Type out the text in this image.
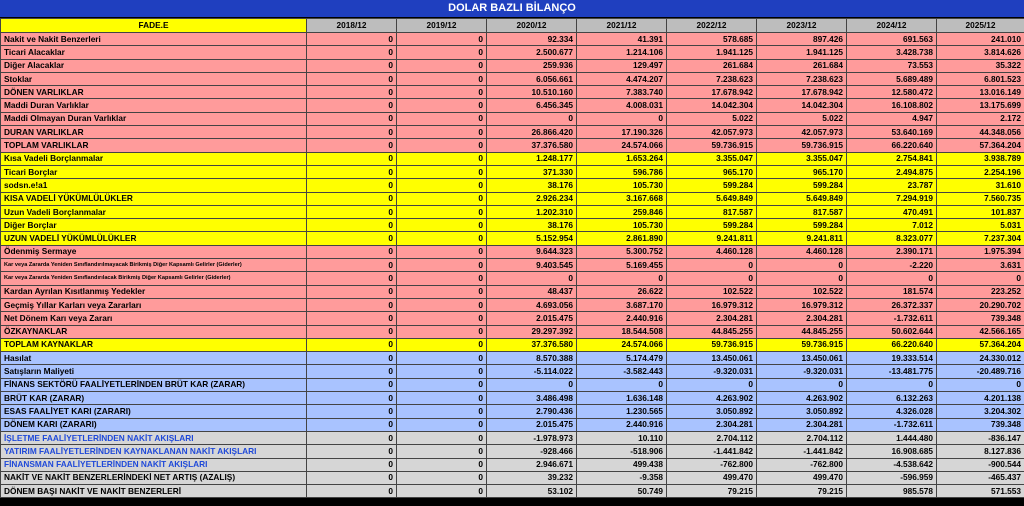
DOLAR BAZLI BİLANÇO
FADE.E	2018/12	2019/12	2020/12	2021/12	2022/12	2023/12	2024/12	2025/12
Nakit ve Nakit Benzerleri	0	0	92.334	41.391	578.685	897.426	691.563	241.010
Ticari Alacaklar	0	0	2.500.677	1.214.106	1.941.125	1.941.125	3.428.738	3.814.626
Diğer Alacaklar	0	0	259.936	129.497	261.684	261.684	73.553	35.322
Stoklar	0	0	6.056.661	4.474.207	7.238.623	7.238.623	5.689.489	6.801.523
DÖNEN VARLIKLAR	0	0	10.510.160	7.383.740	17.678.942	17.678.942	12.580.472	13.016.149
Maddi Duran Varlıklar	0	0	6.456.345	4.008.031	14.042.304	14.042.304	16.108.802	13.175.699
Maddi Olmayan Duran Varlıklar	0	0	0	0	5.022	5.022	4.947	2.172
DURAN VARLIKLAR	0	0	26.866.420	17.190.326	42.057.973	42.057.973	53.640.169	44.348.056
TOPLAM VARLIKLAR	0	0	37.376.580	24.574.066	59.736.915	59.736.915	66.220.640	57.364.204
Kısa Vadeli Borçlanmalar	0	0	1.248.177	1.653.264	3.355.047	3.355.047	2.754.841	3.938.789
Ticari Borçlar	0	0	371.330	596.786	965.170	965.170	2.494.875	2.254.196
sodsn.e!a1	0	0	38.176	105.730	599.284	599.284	23.787	31.610
KISA VADELİ YÜKÜMLÜLÜKLER	0	0	2.926.234	3.167.668	5.649.849	5.649.849	7.294.919	7.560.735
Uzun Vadeli Borçlanmalar	0	0	1.202.310	259.846	817.587	817.587	470.491	101.837
Diğer Borçlar	0	0	38.176	105.730	599.284	599.284	7.012	5.031
UZUN VADELİ YÜKÜMLÜLÜKLER	0	0	5.152.954	2.861.890	9.241.811	9.241.811	8.323.077	7.237.304
Ödenmiş Sermaye	0	0	9.644.323	5.300.752	4.460.128	4.460.128	2.390.171	1.975.394
Kar veya Zararda Yeniden Sınıflandırılmayacak Birikmiş Diğer Kapsamlı Gelirler (Giderler)	0	0	9.403.545	5.169.455	0	0	-2.220	3.631
Kar veya Zararda Yeniden Sınıflandırılacak Birikmiş Diğer Kapsamlı Gelirler (Giderler)	0	0	0	0	0	0	0	0
Kardan Ayrılan Kısıtlanmış Yedekler	0	0	48.437	26.622	102.522	102.522	181.574	223.252
Geçmiş Yıllar Karları veya Zararları	0	0	4.693.056	3.687.170	16.979.312	16.979.312	26.372.337	20.290.702
Net Dönem Karı veya Zararı	0	0	2.015.475	2.440.916	2.304.281	2.304.281	-1.732.611	739.348
ÖZKAYNAKLAR	0	0	29.297.392	18.544.508	44.845.255	44.845.255	50.602.644	42.566.165
TOPLAM KAYNAKLAR	0	0	37.376.580	24.574.066	59.736.915	59.736.915	66.220.640	57.364.204
Hasılat	0	0	8.570.388	5.174.479	13.450.061	13.450.061	19.333.514	24.330.012
Satışların Maliyeti	0	0	-5.114.022	-3.582.443	-9.320.031	-9.320.031	-13.481.775	-20.489.716
FİNANS SEKTÖRÜ FAALİYETLERİNDEN BRÜT KAR (ZARAR)	0	0	0	0	0	0	0	0
BRÜT KAR (ZARAR)	0	0	3.486.498	1.636.148	4.263.902	4.263.902	6.132.263	4.201.138
ESAS FAALİYET KARI (ZARARI)	0	0	2.790.436	1.230.565	3.050.892	3.050.892	4.326.028	3.204.302
DÖNEM KARI (ZARARI)	0	0	2.015.475	2.440.916	2.304.281	2.304.281	-1.732.611	739.348
İŞLETME FAALİYETLERİNDEN NAKİT AKIŞLARI	0	0	-1.978.973	10.110	2.704.112	2.704.112	1.444.480	-836.147
YATIRIM FAALİYETLERİNDEN KAYNAKLANAN NAKİT AKIŞLARI	0	0	-928.466	-518.906	-1.441.842	-1.441.842	16.908.685	8.127.836
FİNANSMAN FAALİYETLERİNDEN NAKİT AKIŞLARI	0	0	2.946.671	499.438	-762.800	-762.800	-4.538.642	-900.544
NAKİT VE NAKİT BENZERLERİNDEKİ NET ARTIŞ (AZALIŞ)	0	0	39.232	-9.358	499.470	499.470	-596.959	-465.437
DÖNEM BAŞI NAKİT VE NAKİT BENZERLERİ	0	0	53.102	50.749	79.215	79.215	985.578	571.553
